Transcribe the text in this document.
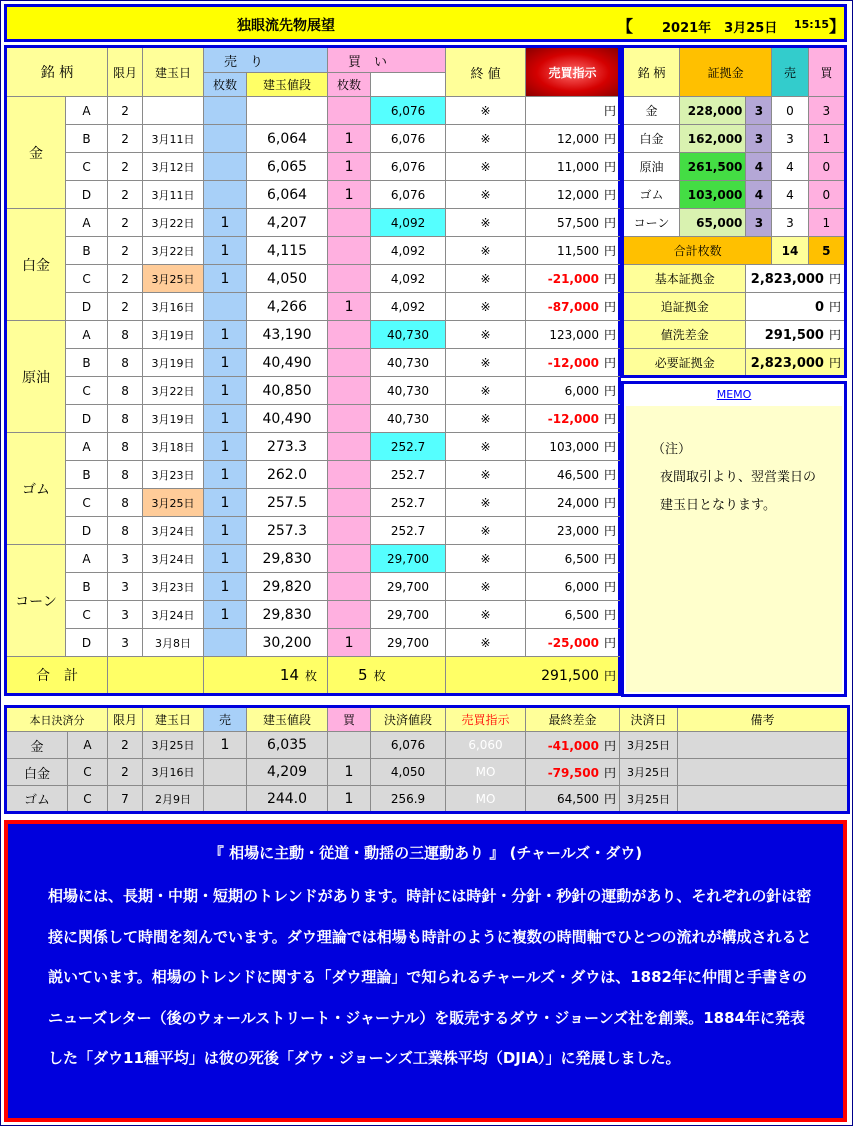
独眼流先物展望	【 2021年　3月25日 15:15 】
銘 柄		限月	建玉日	売　り		買　い		終 値	売買指示	
				枚数	建玉値段	枚数				
金	A	2					6,076	※	円	
	B	2	3月11日		6,064	1	6,076	※	12,000 円	
	C	2	3月12日		6,065	1	6,076	※	11,000 円	
	D	2	3月11日		6,064	1	6,076	※	12,000 円	
白金	A	2	3月22日	1	4,207		4,092	※	57,500 円	
	B	2	3月22日	1	4,115		4,092	※	11,500 円	
	C	2	3月25日	1	4,050		4,092	※	-21,000 円	
	D	2	3月16日		4,266	1	4,092	※	-87,000 円	
原油	A	8	3月19日	1	43,190		40,730	※	123,000 円	
	B	8	3月19日	1	40,490		40,730	※	-12,000 円	
	C	8	3月22日	1	40,850		40,730	※	6,000 円	
	D	8	3月19日	1	40,490		40,730	※	-12,000 円	
ゴム	A	8	3月18日	1	273.3		252.7	※	103,000 円	
	B	8	3月23日	1	262.0		252.7	※	46,500 円	
	C	8	3月25日	1	257.5		252.7	※	24,000 円	
	D	8	3月24日	1	257.3		252.7	※	23,000 円	
コーン	A	3	3月24日	1	29,830		29,700	※	6,500 円	
	B	3	3月23日	1	29,820		29,700	※	6,000 円	
	C	3	3月24日	1	29,830		29,700	※	6,500 円	
	D	3	3月8日		30,200	1	29,700	※	-25,000 円	
合　計				14 枚		5 枚		291,500 円		
銘 柄	証拠金		売	買
金	228,000	3	0	3
白金	162,000	3	3	1
原油	261,500	4	4	0
ゴム	103,000	4	4	0
コーン	65,000	3	3	1
合計枚数			14	5
基本証拠金		2,823,000 円		
追証拠金		0 円		
値洗差金		291,500 円		
必要証拠金		2,823,000 円		
MEMO
（注）
夜間取引より、翌営業日の
建玉日となります。
本日決済分		限月	建玉日	売	建玉値段	買	決済値段	売買指示	最終差金	決済日	備考
金	A	2	3月25日	1	6,035		6,076	6,060	-41,000 円	3月25日	
白金	C	2	3月16日		4,209	1	4,050	MO	-79,500 円	3月25日	
ゴム	C	7	2月9日		244.0	1	256.9	MO	64,500 円	3月25日	
『 相場に主動・従道・動揺の三運動あり 』 (チャールズ・ダウ)
相場には、長期・中期・短期のトレンドがあります。時計には時針・分針・秒針の運動があり、それぞれの針は密接に関係して時間を刻んでいます。ダウ理論では相場も時計のように複数の時間軸でひとつの流れが構成されると説いています。相場のトレンドに関する「ダウ理論」で知られるチャールズ・ダウは、1882年に仲間と手書きのニューズレター（後のウォールストリート・ジャーナル）を販売するダウ・ジョーンズ社を創業。1884年に発表した「ダウ11種平均」は彼の死後「ダウ・ジョーンズ工業株平均（DJIA）」に発展しました。
